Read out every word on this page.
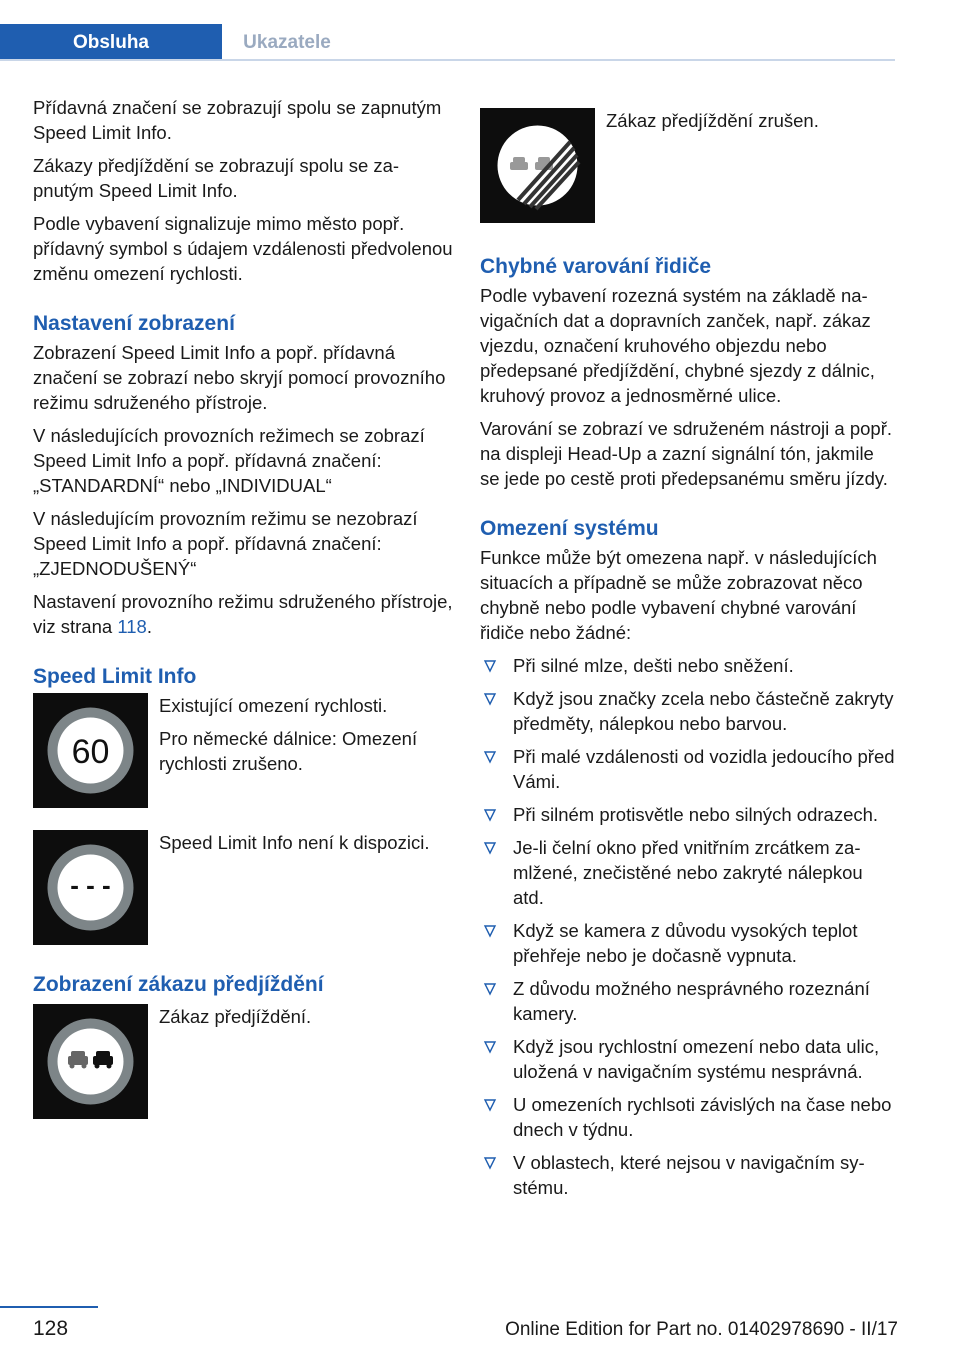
Obsluha	Ukazatele

Přídavná značení se zobrazují spolu se zapnutým Speed Limit Info.

Zákazy předjíždění se zobrazují spolu se zapnutým Speed Limit Info.

Podle vybavení signalizuje mimo město popř. přídavný symbol s údajem vzdálenosti předvolenou změnu omezení rychlosti.

Nastavení zobrazení

Zobrazení Speed Limit Info a popř. přídavná značení se zobrazí nebo skryjí pomocí provozního režimu sdruženého přístroje.

V následujících provozních režimech se zobrazí Speed Limit Info a popř. přídavná značení: „STANDARDNÍ“ nebo „INDIVIDUAL“

V následujícím provozním režimu se nezobrazí Speed Limit Info a popř. přídavná značení: „ZJEDNODUŠENÝ“

Nastavení provozního režimu sdruženého přístroje, viz strana 118.

Speed Limit Info
60

Existující omezení rychlosti.

Pro německé dálnice: Omezení rychlosti zrušeno.

- - -

Speed Limit Info není k dispozici.

Zobrazení zákazu předjíždění

Zákaz předjíždění.

Zákaz předjíždění zrušen.

Chybné varování řidiče

Podle vybavení rozezná systém na základě navigačních dat a dopravních zanček, např. zákaz vjezdu, označení kruhového objezdu nebo předepsané předjíždění, chybné sjezdy z dálnic, kruhový provoz a jednosměrné ulice.

Varování se zobrazí ve sdruženém nástroji a popř. na displeji Head-Up a zazní signální tón, jakmile se jede po cestě proti předepsanému směru jízdy.

Omezení systému

Funkce může být omezena např. v následujících situacích a případně se může zobrazovat něco chybně nebo podle vybavení chybné varování řidiče nebo žádné:

Při silné mlze, dešti nebo sněžení.
Když jsou značky zcela nebo částečně zakryty předměty, nálepkou nebo barvou.
Při malé vzdálenosti od vozidla jedoucího před Vámi.
Při silném protisvětle nebo silných odrazech.
Je-li čelní okno před vnitřním zrcátkem zamlžené, znečistěné nebo zakryté nálepkou atd.
Když se kamera z důvodu vysokých teplot přehřeje nebo je dočasně vypnuta.
Z důvodu možného nesprávného rozeznání kamery.
Když jsou rychlostní omezení nebo data ulic, uložená v navigačním systému nesprávná.
U omezeních rychlsoti závislých na čase nebo dnech v týdnu.
V oblastech, které nejsou v navigačním systému.
128	Online Edition for Part no. 01402978690 - II/17
